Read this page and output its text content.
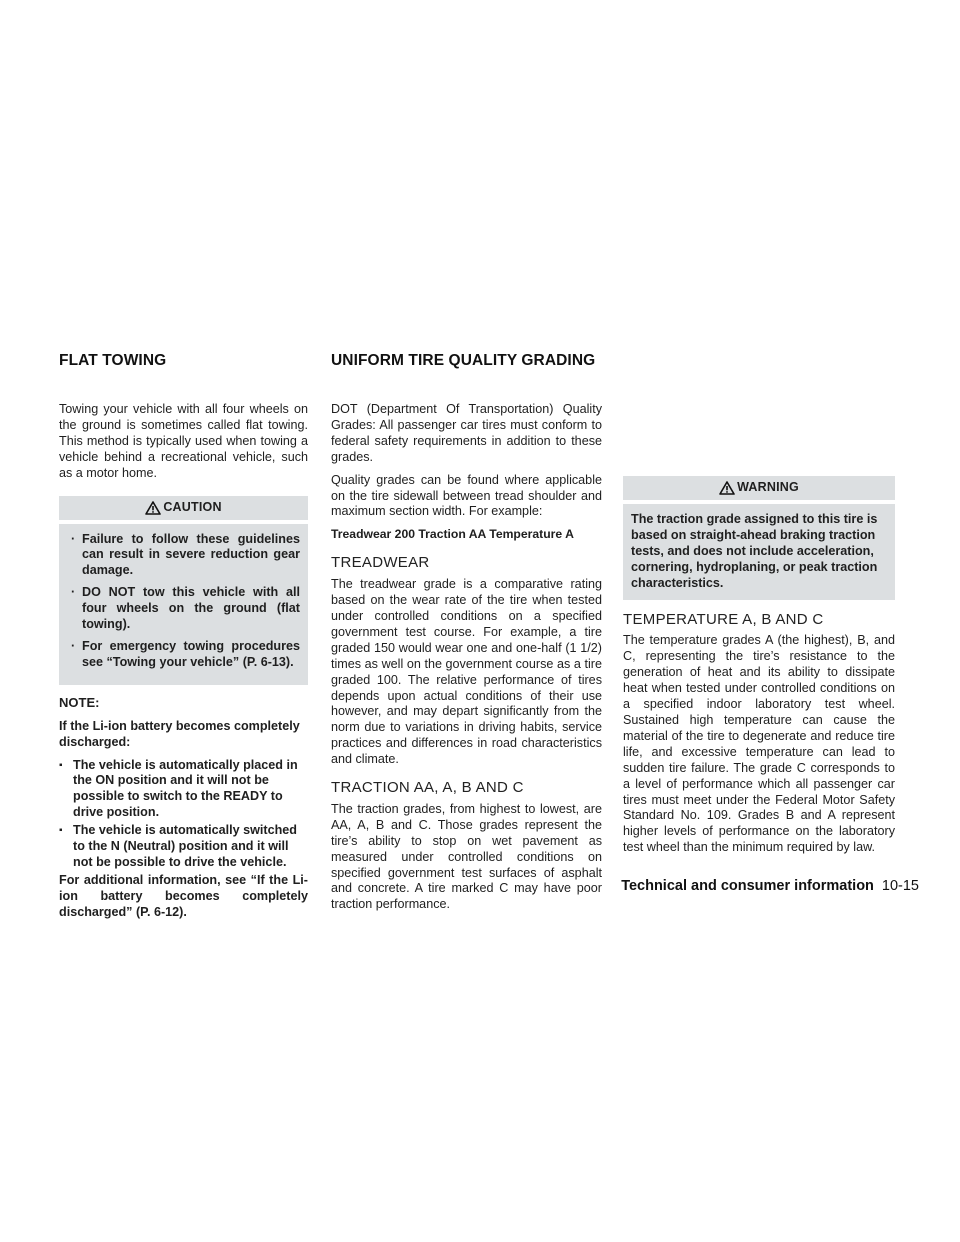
FLAT TOWING	UNIFORM TIRE QUALITY GRADING

Towing your vehicle with all four wheels on the ground is sometimes called flat towing. This method is typically used when towing a vehicle behind a recreational vehicle, such as a motor home.

CAUTION
· Failure to follow these guidelines can result in severe reduction gear damage.
· DO NOT tow this vehicle with all four wheels on the ground (flat towing).
· For emergency towing procedures see “Towing your vehicle” (P. 6-13).
NOTE:

If the Li-ion battery becomes completely discharged:

▪ The vehicle is automatically placed in the ON position and it will not be possible to switch to the READY to drive position.
▪ The vehicle is automatically switched to the N (Neutral) position and it will not be possible to drive the vehicle.

For additional information, see “If the Li-ion battery becomes completely discharged” (P. 6-12).

DOT (Department Of Transportation) Quality Grades: All passenger car tires must conform to federal safety requirements in addition to these grades.

Quality grades can be found where applicable on the tire sidewall between tread shoulder and maximum section width. For example:

Treadwear 200 Traction AA Temperature A
TREADWEAR

The treadwear grade is a comparative rating based on the wear rate of the tire when tested under controlled conditions on a specified government test course. For example, a tire graded 150 would wear one and one-half (1 1/2) times as well on the government course as a tire graded 100. The relative performance of tires depends upon actual conditions of their use however, and may depart significantly from the norm due to variations in driving habits, service practices and differences in road characteristics and climate.

TRACTION AA, A, B AND C

The traction grades, from highest to lowest, are AA, A, B and C. Those grades represent the tire’s ability to stop on wet pavement as measured under controlled conditions on specified government test surfaces of asphalt and concrete. A tire marked C may have poor traction performance.

WARNING
The traction grade assigned to this tire is based on straight-ahead braking traction tests, and does not include acceleration, cornering, hydroplaning, or peak traction characteristics.
TEMPERATURE A, B AND C

The temperature grades A (the highest), B, and C, representing the tire’s resistance to the generation of heat and its ability to dissipate heat when tested under controlled conditions on a specified indoor laboratory test wheel. Sustained high temperature can cause the material of the tire to degenerate and reduce tire life, and excessive temperature can lead to sudden tire failure. The grade C corresponds to a level of performance which all passenger car tires must meet under the Federal Motor Safety Standard No. 109. Grades B and A represent higher levels of performance on the laboratory test wheel than the minimum required by law.

Technical and consumer information 10-15
